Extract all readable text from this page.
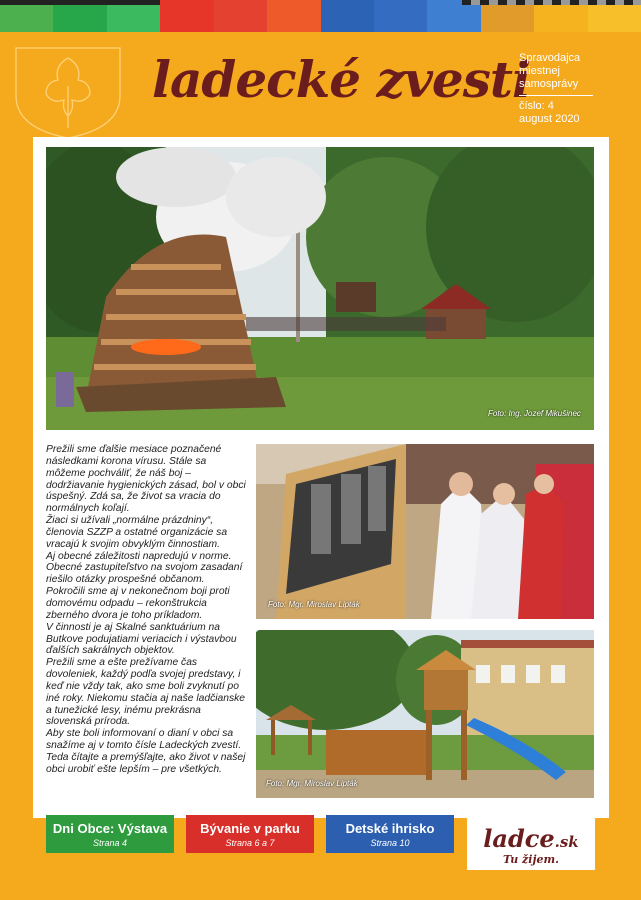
ladecké zvesti
Spravodajca
miestnej
samosprávy
číslo: 4
august 2020
Foto: Ing. Jozef Mikušinec
Foto: Mgr. Miroslav Lipták
Foto: Mgr. Miroslav Lipták

Prežili sme ďalšie mesiace poznačené následkami korona vírusu. Stále sa môžeme pochváliť, že náš boj – dodržiavanie hygienických zásad, bol v obci úspešný. Zdá sa, že život sa vracia do normálnych koľají.

Žiaci si užívali „normálne prázdniny“, členovia SZZP a ostatné organizácie sa vracajú k svojim obvyklým činnostiam.

Aj obecné záležitosti napredujú v norme. Obecné zastupiteľstvo na svojom zasadaní riešilo otázky prospešné občanom. Pokročili sme aj v nekonečnom boji proti domovému odpadu – rekonštrukcia zberného dvora je toho príkladom.

V činnosti je aj Skalné sanktuárium na Butkove podujatiami veriacich i výstavbou ďalších sakrálnych objektov.

Prežili sme a ešte prežívame čas dovoleniek, každý podľa svojej predstavy, i keď nie vždy tak, ako sme boli zvyknutí po iné roky. Niekomu stačia aj naše ladčianske a tunežické lesy, inému prekrásna slovenská príroda.

Aby ste boli informovaní o dianí v obci sa snažíme aj v tomto čísle Ladeckých zvestí. Teda čítajte a premýšľajte, ako život v našej obci urobiť ešte lepším – pre všetkých.

Dni Obce: Výstava
Strana 4
Bývanie v parku
Strana 6 a 7
Detské ihrisko
Strana 10	ladce.sk
Tu žijem.
